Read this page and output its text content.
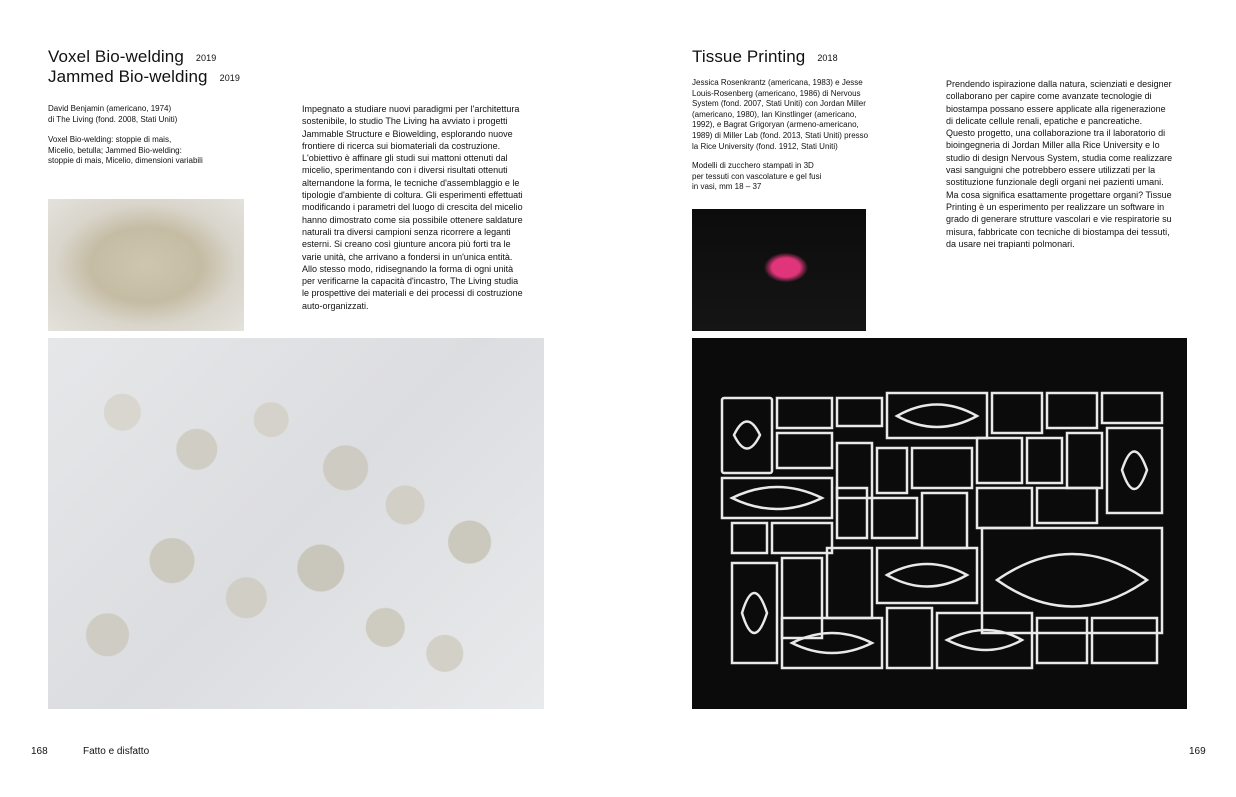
Voxel Bio-welding 2019
Jammed Bio-welding 2019
David Benjamin (americano, 1974)
di The Living (fond. 2008, Stati Uniti)
Voxel Bio-welding: stoppie di mais,
Micelio, betulla; Jammed Bio-welding:
stoppie di mais, Micelio, dimensioni variabili
Impegnato a studiare nuovi paradigmi per l'architettura
sostenibile, lo studio The Living ha avviato i progetti
Jammable Structure e Biowelding, esplorando nuove
frontiere di ricerca sui biomateriali da costruzione.
L'obiettivo è affinare gli studi sui mattoni ottenuti dal
micelio, sperimentando con i diversi risultati ottenuti
alternandone la forma, le tecniche d'assemblaggio e le
tipologie d'ambiente di coltura. Gli esperimenti effettuati
modificando i parametri del luogo di crescita del micelio
hanno dimostrato come sia possibile ottenere saldature
naturali tra diversi campioni senza ricorrere a leganti
esterni. Si creano così giunture ancora più forti tra le
varie unità, che arrivano a fondersi in un'unica entità.
Allo stesso modo, ridisegnando la forma di ogni unità
per verificarne la capacità d'incastro, The Living studia
le prospettive dei materiali e dei processi di costruzione
auto-organizzati.
168	Fatto e disfatto
Tissue Printing 2018
Jessica Rosenkrantz (americana, 1983) e Jesse
Louis-Rosenberg (americano, 1986) di Nervous
System (fond. 2007, Stati Uniti) con Jordan Miller
(americano, 1980), Ian Kinstlinger (americano,
1992), e Bagrat Grigoryan (armeno-americano,
1989) di Miller Lab (fond. 2013, Stati Uniti) presso
la Rice University (fond. 1912, Stati Uniti)
Modelli di zucchero stampati in 3D
per tessuti con vascolature e gel fusi
in vasi, mm 18 – 37
Prendendo ispirazione dalla natura, scienziati e designer
collaborano per capire come avanzate tecnologie di
biostampa possano essere applicate alla rigenerazione
di delicate cellule renali, epatiche e pancreatiche.
Questo progetto, una collaborazione tra il laboratorio di
bioingegneria di Jordan Miller alla Rice University e lo
studio di design Nervous System, studia come realizzare
vasi sanguigni che potrebbero essere utilizzati per la
sostituzione funzionale degli organi nei pazienti umani.
Ma cosa significa esattamente progettare organi? Tissue
Printing è un esperimento per realizzare un software in
grado di generare strutture vascolari e vie respiratorie su
misura, fabbricate con tecniche di biostampa dei tessuti,
da usare nei trapianti polmonari.
169
